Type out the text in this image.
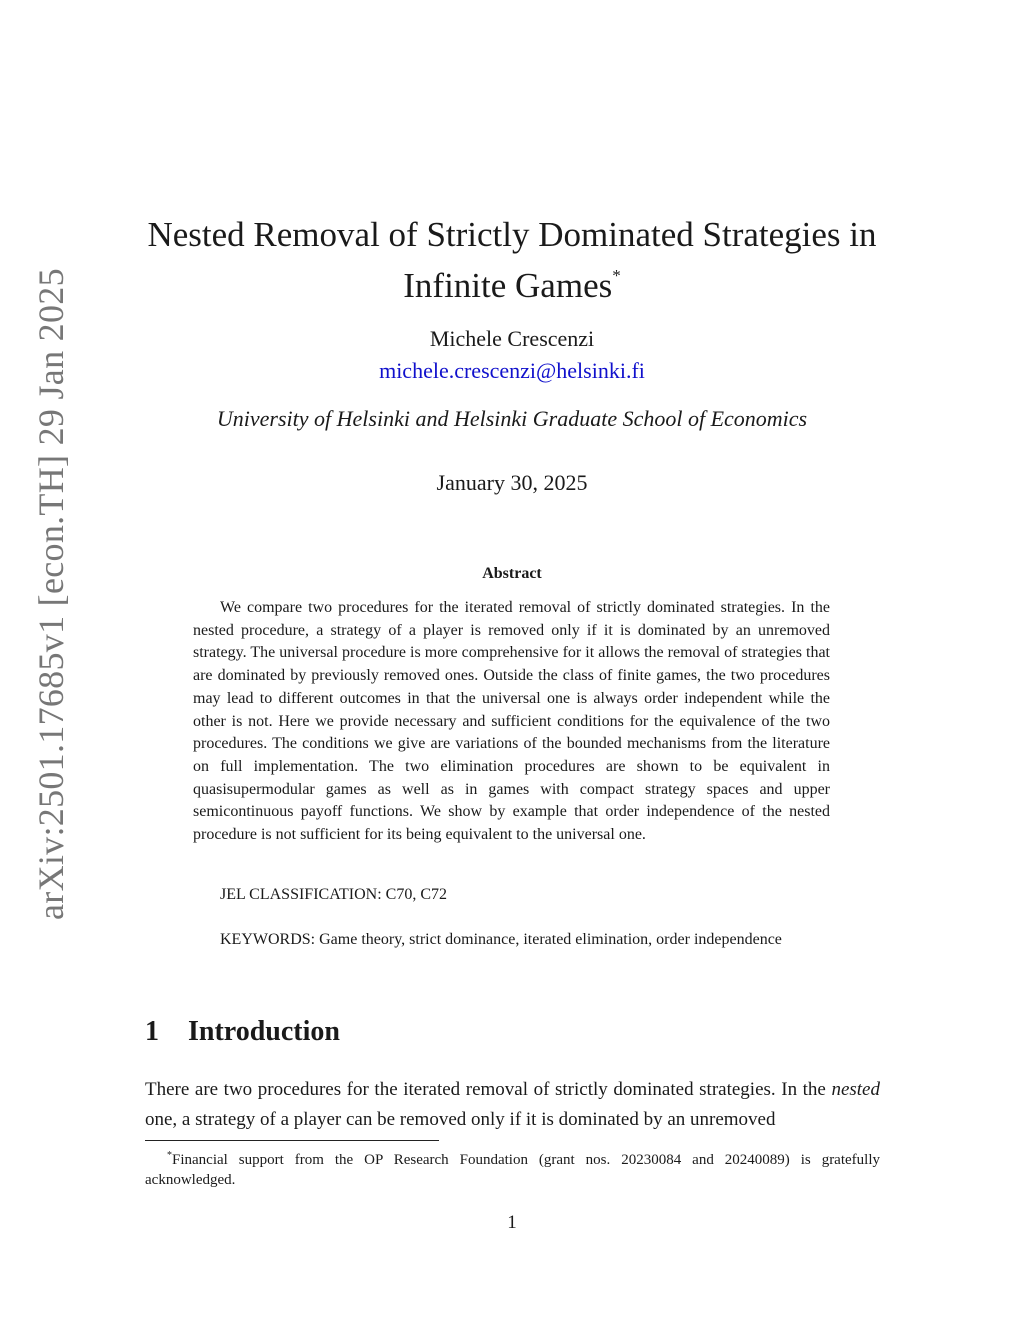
arXiv:2501.17685v1 [econ.TH] 29 Jan 2025
Nested Removal of Strictly Dominated Strategies in Infinite Games*
Michele Crescenzi
michele.crescenzi@helsinki.fi
University of Helsinki and Helsinki Graduate School of Economics
January 30, 2025
Abstract
We compare two procedures for the iterated removal of strictly dominated strategies. In the nested procedure, a strategy of a player is removed only if it is dominated by an unremoved strategy. The universal procedure is more comprehensive for it allows the removal of strategies that are dominated by previously removed ones. Outside the class of finite games, the two procedures may lead to different outcomes in that the universal one is always order independent while the other is not. Here we provide necessary and sufficient conditions for the equivalence of the two procedures. The conditions we give are variations of the bounded mechanisms from the literature on full implementation. The two elimination procedures are shown to be equivalent in quasisupermodular games as well as in games with compact strategy spaces and upper semicontinuous payoff functions. We show by example that order independence of the nested procedure is not sufficient for its being equivalent to the universal one.
JEL CLASSIFICATION: C70, C72
KEYWORDS: Game theory, strict dominance, iterated elimination, order independence
1 Introduction
There are two procedures for the iterated removal of strictly dominated strategies. In the nested one, a strategy of a player can be removed only if it is dominated by an unremoved
*Financial support from the OP Research Foundation (grant nos. 20230084 and 20240089) is gratefully acknowledged.
1
